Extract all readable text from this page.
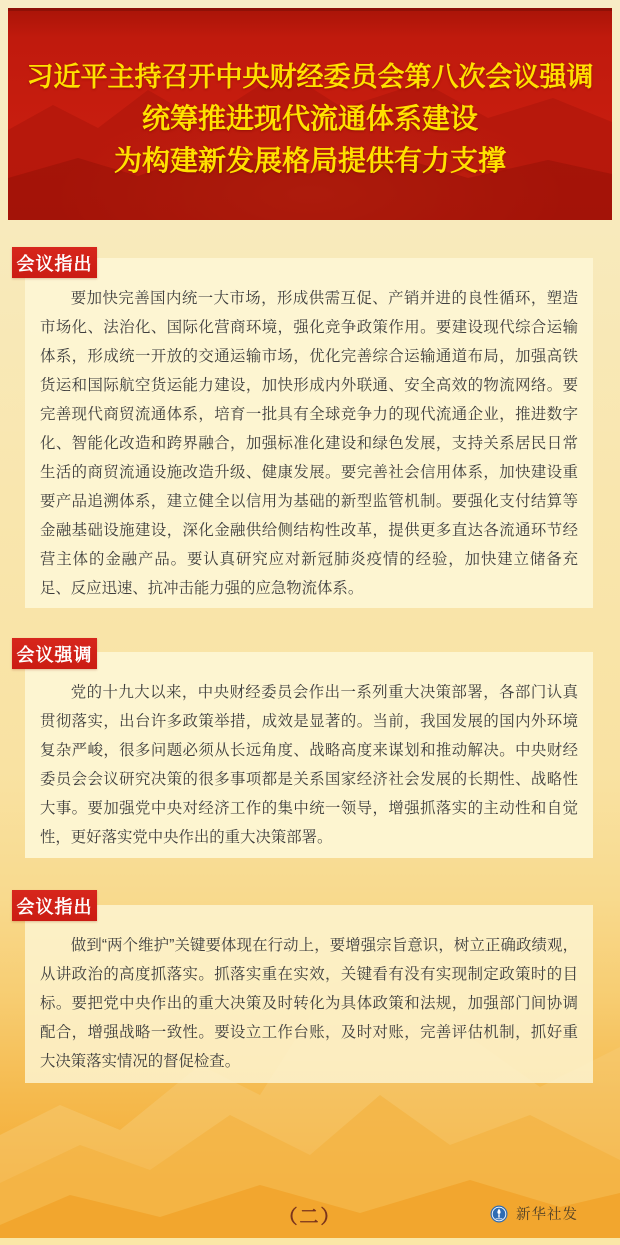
习近平主持召开中央财经委员会第八次会议强调
统筹推进现代流通体系建设
为构建新发展格局提供有力支撑
会议指出

要加快完善国内统一大市场，形成供需互促、产销并进的良性循环，塑造市场化、法治化、国际化营商环境，强化竞争政策作用。要建设现代综合运输体系，形成统一开放的交通运输市场，优化完善综合运输通道布局，加强高铁货运和国际航空货运能力建设，加快形成内外联通、安全高效的物流网络。要完善现代商贸流通体系，培育一批具有全球竞争力的现代流通企业，推进数字化、智能化改造和跨界融合，加强标准化建设和绿色发展，支持关系居民日常生活的商贸流通设施改造升级、健康发展。要完善社会信用体系，加快建设重要产品追溯体系，建立健全以信用为基础的新型监管机制。要强化支付结算等金融基础设施建设，深化金融供给侧结构性改革，提供更多直达各流通环节经营主体的金融产品。要认真研究应对新冠肺炎疫情的经验，加快建立储备充足、反应迅速、抗冲击能力强的应急物流体系。

会议强调

党的十九大以来，中央财经委员会作出一系列重大决策部署，各部门认真贯彻落实，出台许多政策举措，成效是显著的。当前，我国发展的国内外环境复杂严峻，很多问题必须从长远角度、战略高度来谋划和推动解决。中央财经委员会会议研究决策的很多事项都是关系国家经济社会发展的长期性、战略性大事。要加强党中央对经济工作的集中统一领导，增强抓落实的主动性和自觉性，更好落实党中央作出的重大决策部署。

会议指出

做到“两个维护”关键要体现在行动上，要增强宗旨意识，树立正确政绩观，从讲政治的高度抓落实。抓落实重在实效，关键看有没有实现制定政策时的目标。要把党中央作出的重大决策及时转化为具体政策和法规，加强部门间协调配合，增强战略一致性。要设立工作台账，及时对账，完善评估机制，抓好重大决策落实情况的督促检查。

（二）	新华社发
